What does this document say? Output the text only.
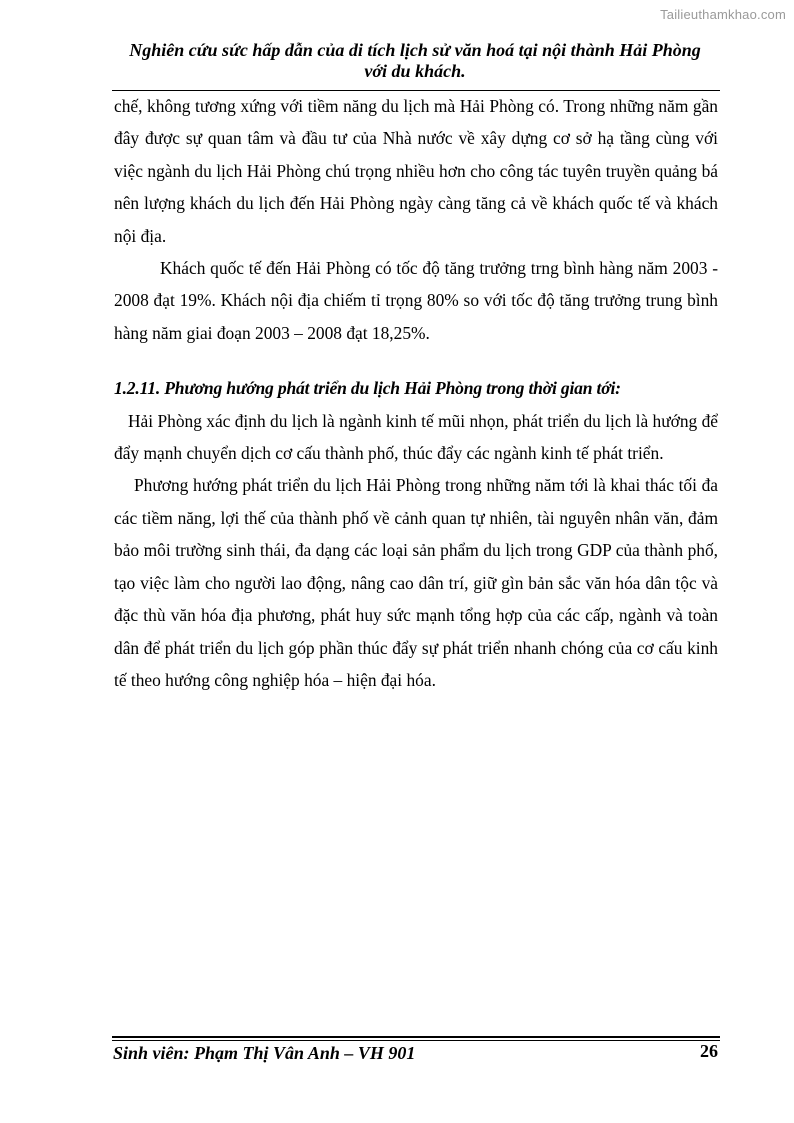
Tailieuthamkhao.com
Nghiên cứu sức hấp dẫn của di tích lịch sử văn hoá tại nội thành Hải Phòng
với du khách.

chế, không tương xứng với tiềm năng du lịch mà Hải Phòng có. Trong những năm gần đây được sự quan tâm và đầu tư của Nhà nước về xây dựng cơ sở hạ tầng cùng với việc ngành du lịch Hải Phòng chú trọng nhiều hơn cho công tác tuyên truyền quảng bá nên lượng khách du lịch đến Hải Phòng ngày càng tăng cả về khách quốc tế và khách nội địa.

Khách quốc tế đến Hải Phòng có tốc độ tăng trưởng trng bình hàng năm 2003 - 2008 đạt 19%. Khách nội địa chiếm tỉ trọng 80% so với tốc độ tăng trưởng trung bình hàng năm giai đoạn 2003 – 2008 đạt 18,25%.

1.2.11. Phương hướng phát triển du lịch Hải Phòng trong thời gian tới:

Hải Phòng xác định du lịch là ngành kinh tế mũi nhọn, phát triển du lịch là hướng để đẩy mạnh chuyển dịch cơ cấu thành phố, thúc đẩy các ngành kinh tế phát triển.

Phương hướng phát triển du lịch Hải Phòng trong những năm tới là khai thác tối đa các tiềm năng, lợi thế của thành phố về cảnh quan tự nhiên, tài nguyên nhân văn, đảm bảo môi trường sinh thái, đa dạng các loại sản phẩm du lịch trong GDP của thành phố, tạo việc làm cho người lao động, nâng cao dân trí, giữ gìn bản sắc văn hóa dân tộc và đặc thù văn hóa địa phương, phát huy sức mạnh tổng hợp của các cấp, ngành và toàn dân để phát triển du lịch góp phần thúc đẩy sự phát triển nhanh chóng của cơ cấu kinh tế theo hướng công nghiệp hóa – hiện đại hóa.

Sinh viên: Phạm Thị Vân Anh – VH 901	26
